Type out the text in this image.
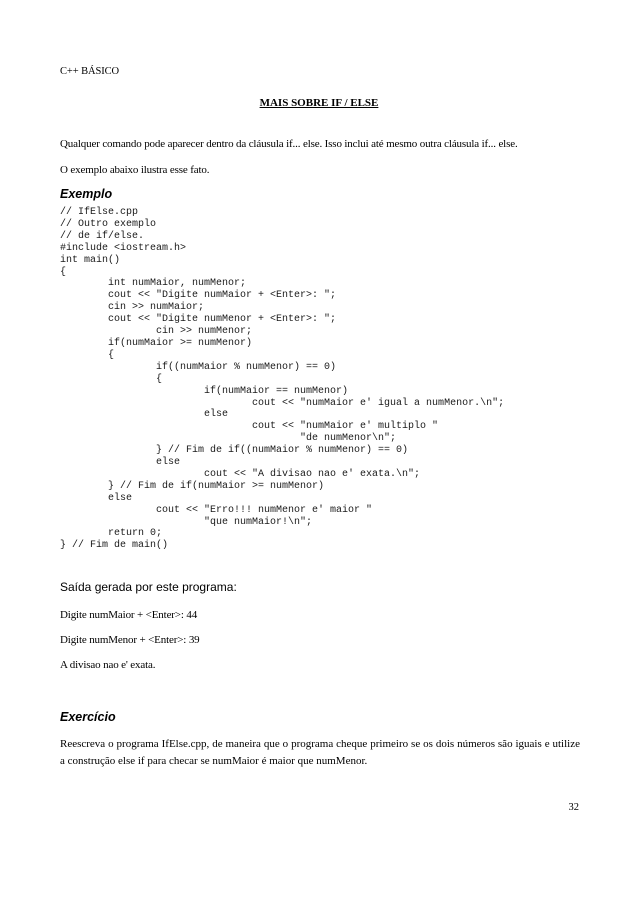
C++ BÁSICO
MAIS SOBRE IF / ELSE
Qualquer comando pode aparecer dentro da cláusula if... else. Isso inclui até mesmo outra cláusula if... else.
O exemplo abaixo ilustra esse fato.
Exemplo
// IfElse.cpp
// Outro exemplo
// de if/else.
#include <iostream.h>
int main()
{
int numMaior, numMenor;
cout << "Digite numMaior + <Enter>: ";
cin >> numMaior;
cout << "Digite numMenor + <Enter>: ";
cin >> numMenor;
if(numMaior >= numMenor)
{
if((numMaior % numMenor) == 0)
{
if(numMaior == numMenor)
cout << "numMaior e' igual a numMenor.\n";
else
cout << "numMaior e' multiplo "
"de numMenor\n";
} // Fim de if((numMaior % numMenor) == 0)
else
cout << "A divisao nao e' exata.\n";
} // Fim de if(numMaior >= numMenor)
else
cout << "Erro!!! numMenor e' maior "
"que numMaior!\n";
return 0;
} // Fim de main()
Saída gerada por este programa:
Digite numMaior + <Enter>: 44
Digite numMenor + <Enter>: 39
A divisao nao e' exata.
Exercício
Reescreva o programa IfElse.cpp, de maneira que o programa cheque primeiro se os dois números são iguais e utilize a construção else if para checar se numMaior é maior que numMenor.
32
